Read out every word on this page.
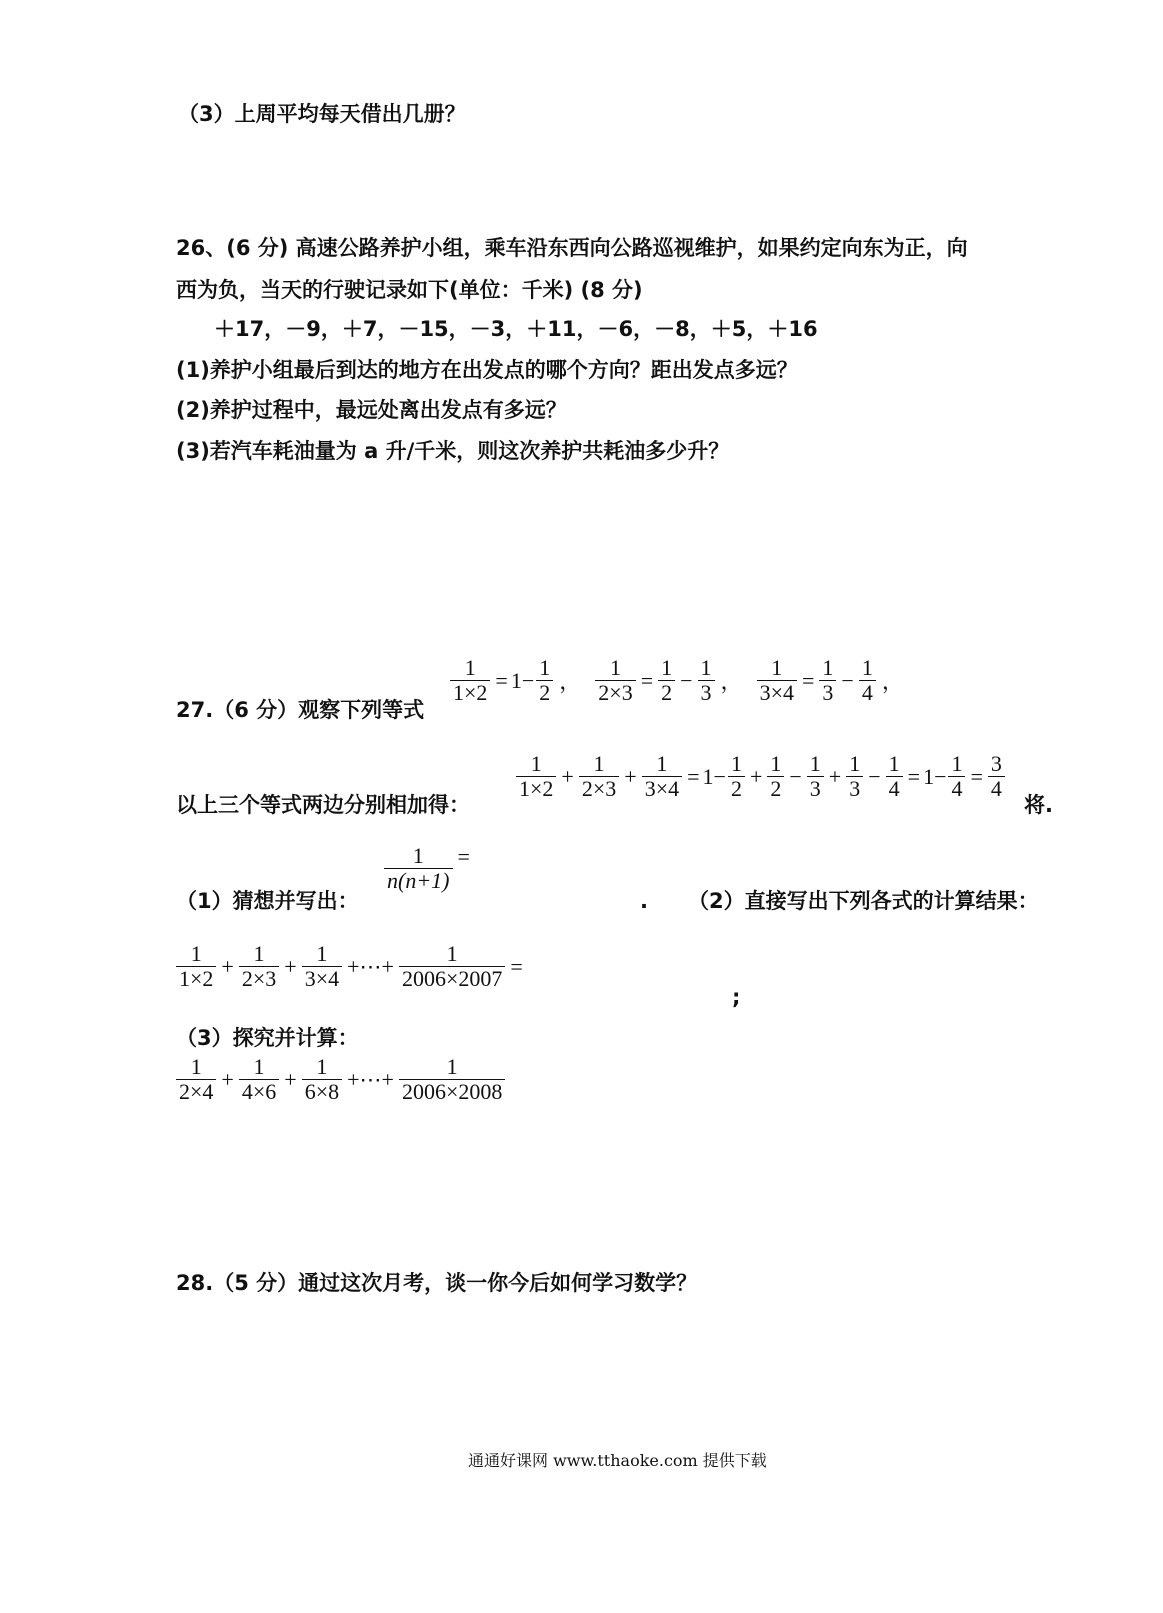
（3）上周平均每天借出几册？
26、(6 分) 高速公路养护小组，乘车沿东西向公路巡视维护，如果约定向东为正，向
西为负，当天的行驶记录如下(单位：千米) (8 分)
＋17，－9，＋7，－15，－3，＋11，－6，－8，＋5，＋16
(1)养护小组最后到达的地方在出发点的哪个方向？距出发点多远？
(2)养护过程中，最远处离出发点有多远？
(3)若汽车耗油量为 a 升/千米，则这次养护共耗油多少升？
27.（6 分）观察下列等式
$\frac{1}{1\times 2} = 1- \frac{1}{2}$ ， $\frac{1}{2\times 3} = \frac{1}{2} - \frac{1}{3}$ ， $\frac{1}{3\times 4} = \frac{1}{3} - \frac{1}{4}$ ，
以上三个等式两边分别相加得：
$\frac{1}{1\times 2} + \frac{1}{2\times 3} + \frac{1}{3\times 4} = 1- \frac{1}{2} + \frac{1}{2} - \frac{1}{3} + \frac{1}{3} - \frac{1}{4} = 1- \frac{1}{4} = \frac{3}{4}$
将.
（1）猜想并写出：
$\frac{1}{n(n+1)}$ =
. （2）直接写出下列各式的计算结果：
$\frac{1}{1\times 2} + \frac{1}{2\times 3} + \frac{1}{3\times 4}$ +⋯+ $\frac{1}{2006\times 2007}$ =
;
（3）探究并计算：
$\frac{1}{2\times 4} + \frac{1}{4\times 6} + \frac{1}{6\times 8}$ +⋯+ $\frac{1}{2006\times 2008}$
28.（5 分）通过这次月考，谈一你今后如何学习数学？
通通好课网 www.tthaoke.com 提供下载
